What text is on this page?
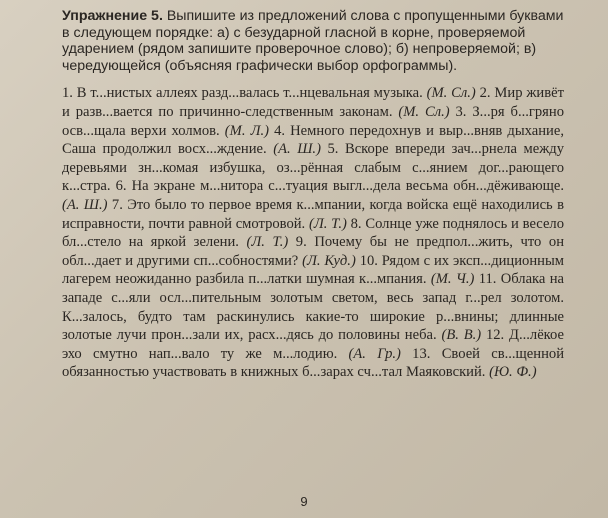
Упражнение 5. Выпишите из предложений слова с пропущенными буквами в следующем порядке: а) с безударной гласной в корне, проверяемой ударением (рядом запишите проверочное слово); б) непроверяемой; в) чередующейся (объясняя графически выбор орфограммы).

1. В т...нистых аллеях разд...валась т...нцевальная музыка. (М. Сл.) 2. Мир живёт и разв...вается по причинно-следственным законам. (М. Сл.) 3. З...ря б...гряно осв...щала верхи холмов. (М. Л.) 4. Немного передохнув и выр...вняв дыхание, Саша продолжил восх...ждение. (А. Ш.) 5. Вскоре впереди зач...рнела между деревьями зн...комая избушка, оз...рённая слабым с...янием дог...рающего к...стра. 6. На экране м...нитора с...туация выгл...дела весьма обн...дёживающе. (А. Ш.) 7. Это было то первое время к...мпании, когда войска ещё находились в исправности, почти равной смотровой. (Л. Т.) 8. Солнце уже поднялось и весело бл...стело на яркой зелени. (Л. Т.) 9. Почему бы не предпол...жить, что он обл...дает и другими сп...собностями? (Л. Куд.) 10. Рядом с их эксп...диционным лагерем неожиданно разбила п...латки шумная к...мпания. (М. Ч.) 11. Облака на западе с...яли осл...пительным золотым светом, весь запад г...рел золотом. К...залось, будто там раскинулись какие-то широкие р...внины; длинные золотые лучи прон...зали их, расх...дясь до половины неба. (В. В.) 12. Д...лёкое эхо смутно нап...вало ту же м...лодию. (А. Гр.) 13. Своей св...щенной обязанностью участвовать в книжных б...зарах сч...тал Маяковский. (Ю. Ф.)

9
